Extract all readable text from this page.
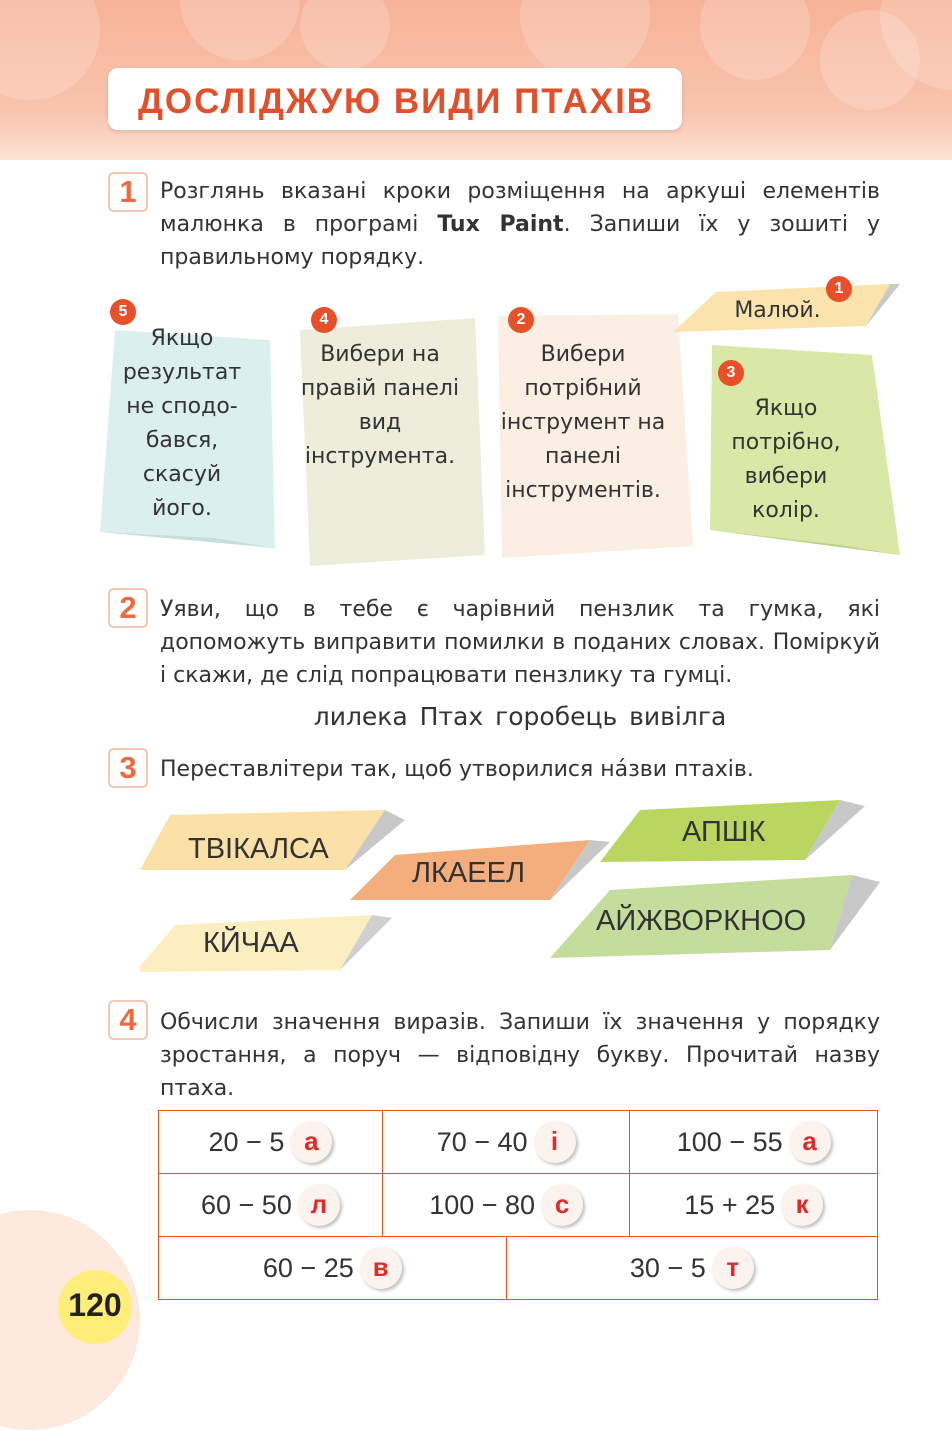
ДОСЛІДЖУЮ ВИДИ ПТАХІВ
1	Розглянь вказані кроки розміщення на аркуші елементів малюнка в програмі Tux Paint. Запиши їх у зошиті у правильному порядку.
5
Якщо результат не сподо-бався, скасуй його.
4
Вибери на правій панелі вид інструмента.
2
Вибери потрібний інструмент на панелі інструментів.
1
Малюй.
3
Якщо потрібно, вибери колір.
2	Уяви, що в тебе є чарівний пензлик та гумка, які допоможуть виправити помилки в поданих словах. Поміркуй і скажи, де слід попрацювати пензлику та гумці.
лилека Птах горобець вивілга
3	Переставлітери так, щоб утворилися на́зви птахів.
ТВІКАЛСА
ЛКАЕЕЛ
АПШК
КЙЧАА
АЙЖВОРКНОО
4	Обчисли значення виразів. Запиши їх значення у порядку зростання, а поруч — відповідну букву. Прочитай назву птаха.
20 − 5 а	70 − 40 і		100 − 55 а
60 − 50 л	100 − 80 с		15 + 25 к
60 − 25 в		30 − 5 т	
120
